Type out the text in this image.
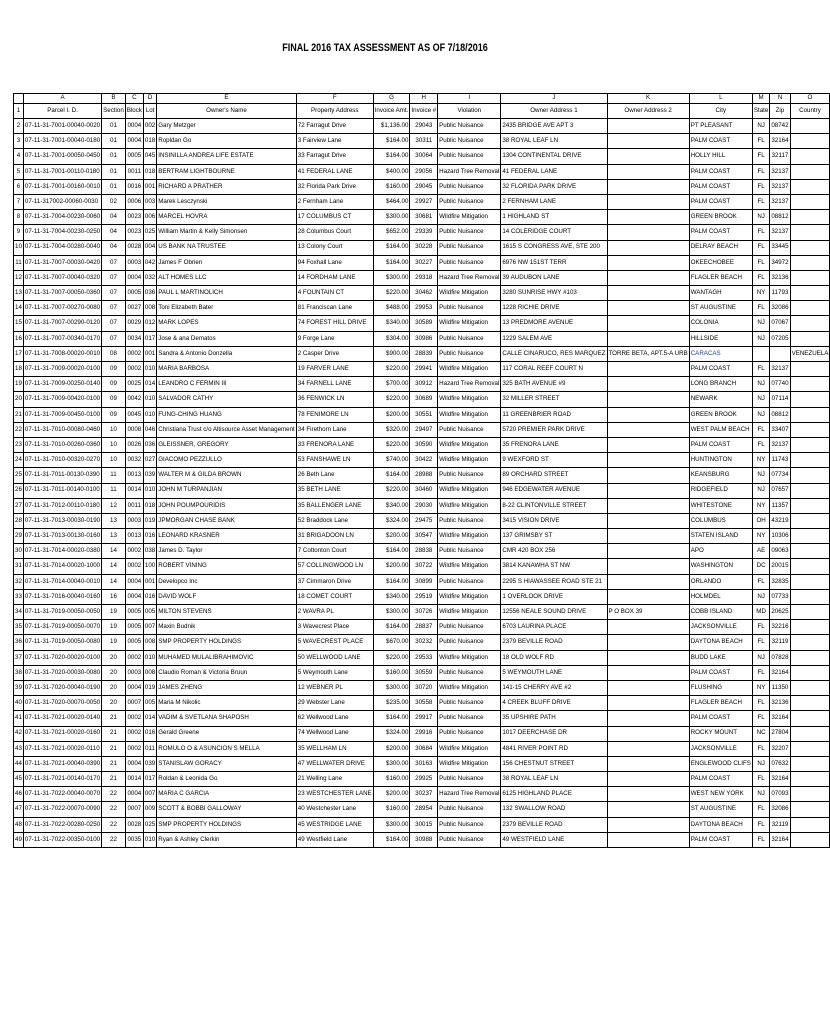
FINAL 2016 TAX ASSESSMENT AS OF 7/18/2016
	A	B	C	D	E	F	G	H	I	J	K	L	M	N	O
1	Parcel I. D.	Section	Block	Lot	Owner's Name	Property Address	Invoice Amt.	Invoice #	Violation	Owner Address 1	Owner Address 2	City	State	Zip	Country
2	07-11-31-7001-00040-0020	01	0004	002	Gary Metzger	72 Farragut Drive	$1,136.00	29043	Public Nuisance	2435 BRIDGE AVE APT 3		PT PLEASANT	NJ	08742	
3	07-11-31-7001-00040-0180	01	0004	018	Ropldan Go	3 Fairview Lane	$164.00	30311	Public Nuisance	38 ROYAL LEAF LN		PALM COAST	FL	32164	
4	07-11-31-7001-00050-0450	01	0005	045	INSINILLA ANDREA LIFE ESTATE	33 Farragut Drive	$164.00	30064	Public Nuisance	1304 CONTINENTAL DRIVE		HOLLY HILL	FL	32117	
5	07-11-31-7001-00110-0180	01	0011	018	BERTRAM LIGHTBOURNE	41 FEDERAL LANE	$400.00	29056	Hazard Tree Removal	41 FEDERAL LANE		PALM COAST	FL	32137	
6	07-11-31-7001-00160-0010	01	0016	001	RICHARD A PRATHER	32 Florida Park Drive	$160.00	29045	Public Nuisance	32 FLORIDA PARK DRIVE		PALM COAST	FL	32137	
7	07-11-317002-00060-0030	02	0006	003	Marek Lesczynski	2 Fernham Lane	$464.00	29927	Public Nuisance	2 FERNHAM LANE		PALM COAST	FL	32137	
8	07-11-31-7004-00230-0060	04	0023	006	MARCEL HOVRA	17 COLUMBUS CT	$300.00	30681	Wildfire Mitigation	1 HIGHLAND ST		GREEN BROOK	NJ	08812	
9	07-11-31-7004-00230-0250	04	0023	025	William Martin & Kelly Simonsen	28 Columbus Court	$652.00	29339	Public Nuisance	14 COLERIDGE COURT		PALM COAST	FL	32137	
10	07-11-31-7004-00280-0040	04	0028	004	US BANK NA TRUSTEE	13 Colony Court	$164.00	30228	Public Nuisance	1615 S CONGRESS AVE, STE 200		DELRAY BEACH	FL	33445	
11	07-11-31-7007-00030-0420	07	0003	042	James F Obrien	94 Foxhall Lane	$164.00	30227	Public Nuisance	6976 NW 151ST TERR		OKEECHOBEE	FL	34972	
12	07-11-31-7007-00040-0320	07	0004	032	ALT HOMES LLC	14 FORDHAM LANE	$300.00	29318	Hazard Tree Removal	39 AUDUBON LANE		FLAGLER BEACH	FL	32136	
13	07-11-31-7007-00050-0360	07	0005	036	PAUL L MARTINOLICH	4 FOUNTAIN CT	$220.00	30462	Wildfire Mitigation	3280 SUNRISE HWY #103		WANTAGH	NY	11793	
14	07-11-31-7007-00270-0080	07	0027	008	Toni Elizabeth Bater	81 Franciscan Lane	$488.00	29953	Public Nuisance	1228 RICHIE DRIVE		ST AUGUSTINE	FL	32086	
15	07-11-31-7007-00290-0120	07	0029	012	MARK LOPES	74 FOREST HILL DRIVE	$340.00	30589	Wildfire Mitigation	13 PREDMORE AVENUE		COLONIA	NJ	07067	
16	07-11-31-7007-00340-0170	07	0034	017	Jose & ana Dematos	9 Forge Lane	$304.00	30986	Public Nuisance	1229 SALEM AVE		HILLSIDE	NJ	07205	
17	07-11-31-7008-00020-0010	08	0002	001	Sandra & Antonio Donzella	2 Casper Drive	$900.00	28839	Public Nuisance	CALLE CINARUCO, RES MARQUEZ	TORRE BETA, APT.5-A URB	CARACAS			VENEZUELA
18	07-11-31-7009-00020-0100	09	0002	010	MARIA BARBOSA	19 FARVER LANE	$220.00	29941	Wildfire Mitigation	117 CORAL REEF COURT N		PALM COAST	FL	32137	
19	07-11-31-7009-00250-0140	09	0025	014	LEANDRO C FERMIN III	34 FARNELL LANE	$700.00	30912	Hazard Tree Removal	325 BATH AVENUE #9		LONG BRANCH	NJ	07740	
20	07-11-31-7009-00420-0100	09	0042	010	SALVADOR CATHY	36 FENWICK LN	$220.00	30689	Wildfire Mitigation	32 MILLER STREET		NEWARK	NJ	07114	
21	07-11-31-7009-00450-0100	09	0045	010	FUNG-CHING HUANG	78 FENIMORE LN	$200.00	30551	Wildfire Mitigation	11 GREENBRIER ROAD		GREEN BROOK	NJ	08812	
22	07-11-31-7010-00080-0460	10	0008	046	Christiana Trust c/o Altisource Asset Management	34 Firethorn Lane	$320.00	29497	Public Nuisance	5720 PREMIER PARK DRIVE		WEST PALM BEACH	FL	33407	
23	07-11-31-7010-00260-0360	10	0026	036	GLEISSNER, GREGORY	33 FRENORA LANE	$220.00	30590	Wildfire Mitigation	35 FRENORA LANE		PALM COAST	FL	32137	
24	07-11-31-7010-00320-0270	10	0032	027	GIACOMO PEZZULLO	53 FANSHAWE LN	$740.00	30422	Wildfire Mitigation	9 WEXFORD ST		HUNTINGTON	NY	11743	
25	07-11-31-7011-00130-0390	11	0013	039	WALTER M & GILDA BROWN	26 Beth Lane	$164.00	28988	Public Nuisance	89 ORCHARD STREET		KEANSBURG	NJ	07734	
26	07-11-31-7011-00140-0100	11	0014	010	JOHN M TURPANJIAN	35 BETH LANE	$220.00	30460	Wildfire Mitigation	946 EDGEWATER AVENUE		RIDGEFIELD	NJ	07657	
27	07-11-31-7012-00110-0180	12	0011	018	JOHN POUMPOURIDIS	35 BALLENGER LANE	$340.00	29030	Wildfire Mitigation	8-22 CLINTONVILLE STREET		WHITESTONE	NY	11357	
28	07-11-31-7013-00030-0190	13	0003	019	JPMORGAN CHASE BANK	52 Braddock Lane	$324.00	29475	Public Nuisance	3415 VISION DRIVE		COLUMBUS	OH	43219	
29	07-11-31-7013-00130-0160	13	0013	016	LEONARD KRASNER	31 BRIGADOON LN	$200.00	30547	Wildfire Mitigation	137 GRIMSBY ST		STATEN ISLAND	NY	10306	
30	07-11-31-7014-00020-0380	14	0002	038	James D. Taylor	7 Cottonton Court	$164.00	28838	Public Nuisance	CMR 420 BOX 256		APO	AE	09063	
31	07-11-31-7014-00020-1000	14	0002	100	ROBERT VINING	57 COLLINGWOOD LN	$200.00	30722	Wildfire Mitigation	3814 KANAWHA ST NW		WASHINGTON	DC	20015	
32	07-11-31-7014-00040-0010	14	0004	001	Developco Inc	37 Cimmaron Drive	$164.00	30899	Public Nuisance	2295 S HIAWASSEE ROAD STE 21		ORLANDO	FL	32835	
33	07-11-31-7016-00040-0160	16	0004	016	DAVID WOLF	18 COMET COURT	$340.00	29519	Wildfire Mitigation	1 OVERLOOK DRIVE		HOLMDEL	NJ	07733	
34	07-11-31-7019-00050-0050	19	0005	005	MILTON STEVENS	2 WAVRA PL	$300.00	30726	Wildfire Mitigation	12556 NEALE SOUND DRIVE	P O BOX 39	COBB ISLAND	MD	20625	
35	07-11-31-7019-00050-0070	19	0005	007	Maxin Budnik	3 Wavecrest Place	$164.00	28837	Public Nuisance	6703 LAURINA PLACE		JACKSONVILLE	FL	32216	
36	07-11-31-7019-00050-0080	19	0005	008	SMP PROPERTY HOLDINGS	5 WAVECREST PLACE	$670.00	30232	Public Nuisance	2379 BEVILLE ROAD		DAYTONA BEACH	FL	32119	
37	07-11-31-7020-00020-0100	20	0002	010	MUHAMED MULALIBRAHIMOVIC	50 WELLWOOD LANE	$220.00	29533	Wildfire Mitigation	18 OLD WOLF RD		BUDD LAKE	NJ	07828	
38	07-11-31-7020-00030-0080	20	0003	008	Claudio Roman & Victoria Bruun	5 Weymouth Lane	$160.00	30559	Public Nuisance	5 WEYMOUTH LANE		PALM COAST	FL	32164	
39	07-11-31-7020-00040-0190	20	0004	019	JAMES ZHENG	12 WEBNER PL	$300.00	30720	Wildfire Mitigation	141-15 CHERRY AVE #2		FLUSHING	NY	11350	
40	07-11-31-7020-00070-0050	20	0007	005	Maria M Nikolic	29 Webster Lane	$235.00	30558	Public Nuisance	4 CREEK BLUFF DRIVE		FLAGLER BEACH	FL	32136	
41	07-11-31-7021-00020-0140	21	0002	014	VADIM & SVETLANA SHAPOSH	62 Wellwood Lane	$164.00	29917	Public Nuisance	35 UPSHIRE PATH		PALM COAST	FL	32164	
42	07-11-31-7021-00020-0160	21	0002	016	Gerald Greene	74 Wellwood Lane	$324.00	29916	Public Nuisance	1017 DEERCHASE DR		ROCKY MOUNT	NC	27804	
43	07-11-31-7021-00020-0110	21	0002	011	ROMULO O & ASUNCION S MELLA	35 WELLHAM LN	$200.00	30684	Wildfire Mitigation	4841 RIVER POINT RD		JACKSONVILLE	FL	32207	
44	07-11-31-7021-00040-0390	21	0004	039	STANISLAW GORACY	47 WELLWATER DRIVE	$300.00	30163	Wildfire Mitigation	156 CHESTNUT STREET		ENGLEWOOD CLIFS	NJ	07632	
45	07-11-31-7021-00140-0170	21	0014	017	Roldan & Leonida Go	21 Welling Lane	$160.00	29925	Public Nuisance	38 ROYAL LEAF LN		PALM COAST	FL	32164	
46	07-11-31-7022-00040-0070	22	0004	007	MARIA C GARCIA	23 WESTCHESTER LANE	$200.00	30237	Hazard Tree Removal	6125 HIGHLAND PLACE		WEST NEW YORK	NJ	07093	
47	07-11-31-7022-00070-0090	22	0007	009	SCOTT & BOBBI GALLOWAY	40 Westchester Lane	$160.00	28954	Public Nuisance	132 SWALLOW ROAD		ST AUGUSTINE	FL	32086	
48	07-11-31-7022-00280-0250	22	0028	025	SMP PROPERTY HOLDINGS	45 WESTRIDGE LANE	$300.00	30015	Public Nuisance	2379 BEVILLE ROAD		DAYTONA BEACH	FL	32119	
49	07-11-31-7022-00350-0100	22	0035	010	Ryan & Ashley Clerkin	49 Westfield Lane	$164.00	30988	Public Nuisance	49 WESTFIELD LANE		PALM COAST	FL	32164	
